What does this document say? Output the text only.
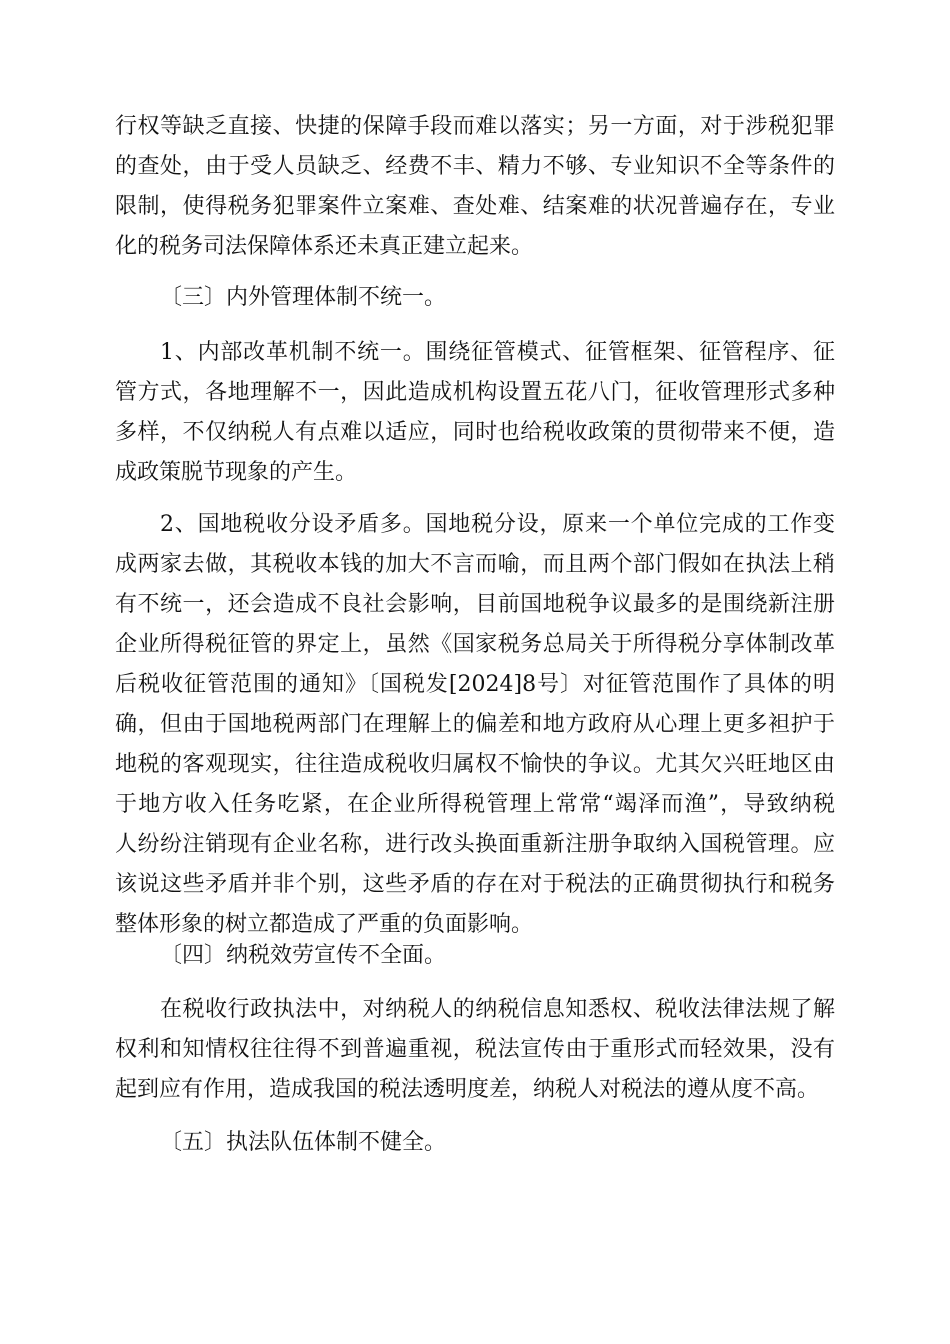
行权等缺乏直接、快捷的保障手段而难以落实；另一方面，对于涉税犯罪
的查处，由于受人员缺乏、经费不丰、精力不够、专业知识不全等条件的
限制，使得税务犯罪案件立案难、查处难、结案难的状况普遍存在，专业
化的税务司法保障体系还未真正建立起来。
〔三〕内外管理体制不统一。
1、内部改革机制不统一。围绕征管模式、征管框架、征管程序、征
管方式，各地理解不一，因此造成机构设置五花八门，征收管理形式多种
多样，不仅纳税人有点难以适应，同时也给税收政策的贯彻带来不便，造
成政策脱节现象的产生。
2、国地税收分设矛盾多。国地税分设，原来一个单位完成的工作变
成两家去做，其税收本钱的加大不言而喻，而且两个部门假如在执法上稍
有不统一，还会造成不良社会影响，目前国地税争议最多的是围绕新注册
企业所得税征管的界定上，虽然《国家税务总局关于所得税分享体制改革
后税收征管范围的通知》〔国税发[2024]8号〕对征管范围作了具体的明
确，但由于国地税两部门在理解上的偏差和地方政府从心理上更多袒护于
地税的客观现实，往往造成税收归属权不愉快的争议。尤其欠兴旺地区由
于地方收入任务吃紧，在企业所得税管理上常常“竭泽而渔”，导致纳税
人纷纷注销现有企业名称，进行改头换面重新注册争取纳入国税管理。应
该说这些矛盾并非个别，这些矛盾的存在对于税法的正确贯彻执行和税务
整体形象的树立都造成了严重的负面影响。
〔四〕纳税效劳宣传不全面。
在税收行政执法中，对纳税人的纳税信息知悉权、税收法律法规了解
权利和知情权往往得不到普遍重视，税法宣传由于重形式而轻效果，没有
起到应有作用，造成我国的税法透明度差，纳税人对税法的遵从度不高。
〔五〕执法队伍体制不健全。
